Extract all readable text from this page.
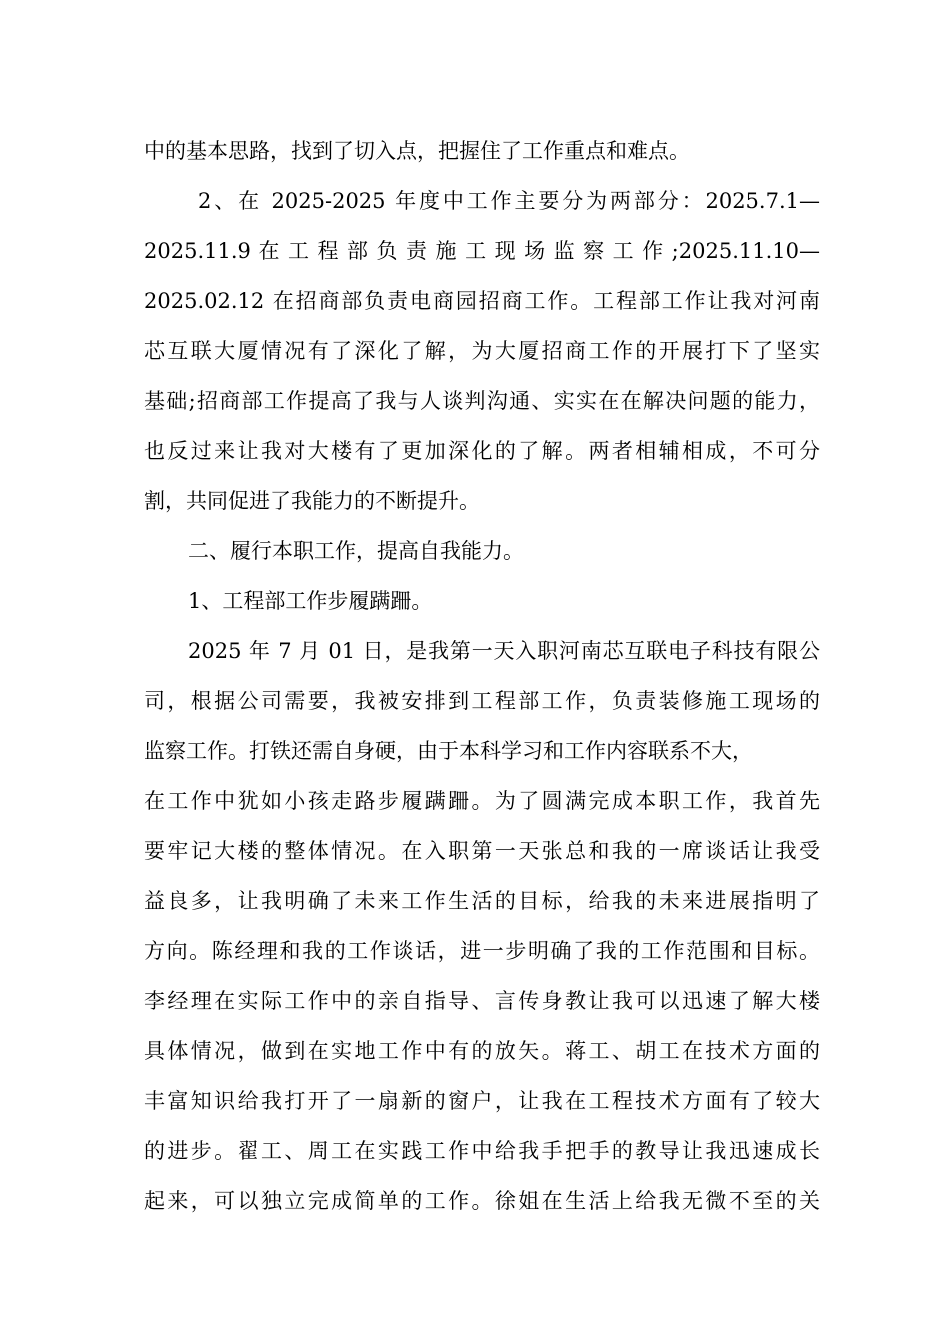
中的基本思路，找到了切入点，把握住了工作重点和难点。
2、在 2025-2025 年度中工作主要分为两部分：2025.7.1—
2025.11.9 在 工 程 部 负 责 施 工 现 场 监 察 工 作 ;2025.11.10—
2025.02.12 在招商部负责电商园招商工作。工程部工作让我对河南
芯互联大厦情况有了深化了解，为大厦招商工作的开展打下了坚实
基础;招商部工作提高了我与人谈判沟通、实实在在解决问题的能力，
也反过来让我对大楼有了更加深化的了解。两者相辅相成，不可分
割，共同促进了我能力的不断提升。
二、履行本职工作，提高自我能力。
1、工程部工作步履蹒跚。
2025 年 7 月 01 日，是我第一天入职河南芯互联电子科技有限公
司，根据公司需要，我被安排到工程部工作，负责装修施工现场的
监察工作。打铁还需自身硬，由于本科学习和工作内容联系不大，
在工作中犹如小孩走路步履蹒跚。为了圆满完成本职工作，我首先
要牢记大楼的整体情况。在入职第一天张总和我的一席谈话让我受
益良多，让我明确了未来工作生活的目标，给我的未来进展指明了
方向。陈经理和我的工作谈话，进一步明确了我的工作范围和目标。
李经理在实际工作中的亲自指导、言传身教让我可以迅速了解大楼
具体情况，做到在实地工作中有的放矢。蒋工、胡工在技术方面的
丰富知识给我打开了一扇新的窗户，让我在工程技术方面有了较大
的进步。翟工、周工在实践工作中给我手把手的教导让我迅速成长
起来，可以独立完成简单的工作。徐姐在生活上给我无微不至的关
